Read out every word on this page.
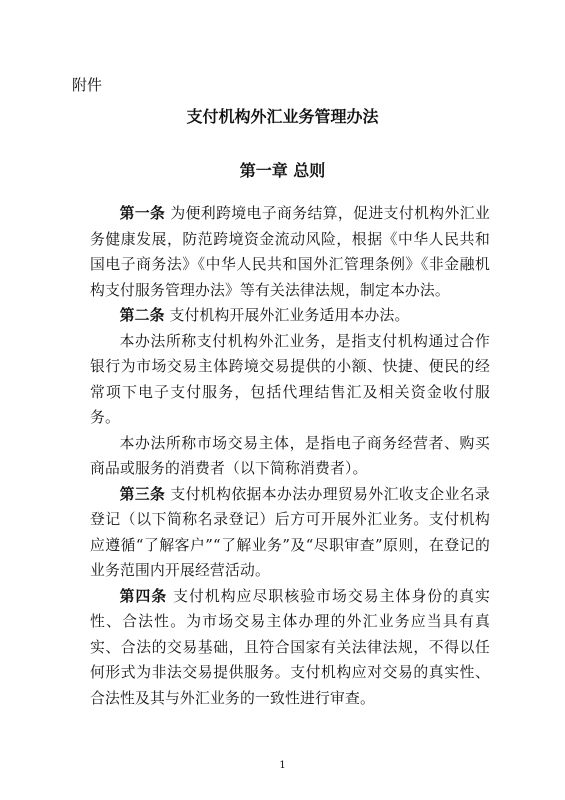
附件
支付机构外汇业务管理办法
第一章 总则

第一条 为便利跨境电子商务结算，促进支付机构外汇业务健康发展，防范跨境资金流动风险，根据《中华人民共和国电子商务法》《中华人民共和国外汇管理条例》《非金融机构支付服务管理办法》等有关法律法规，制定本办法。

第二条 支付机构开展外汇业务适用本办法。

本办法所称支付机构外汇业务，是指支付机构通过合作银行为市场交易主体跨境交易提供的小额、快捷、便民的经常项下电子支付服务，包括代理结售汇及相关资金收付服务。

本办法所称市场交易主体，是指电子商务经营者、购买商品或服务的消费者（以下简称消费者）。

第三条 支付机构依据本办法办理贸易外汇收支企业名录登记（以下简称名录登记）后方可开展外汇业务。支付机构应遵循“了解客户”“了解业务”及“尽职审查”原则，在登记的业务范围内开展经营活动。

第四条 支付机构应尽职核验市场交易主体身份的真实性、合法性。为市场交易主体办理的外汇业务应当具有真实、合法的交易基础，且符合国家有关法律法规，不得以任何形式为非法交易提供服务。支付机构应对交易的真实性、合法性及其与外汇业务的一致性进行审查。

1
